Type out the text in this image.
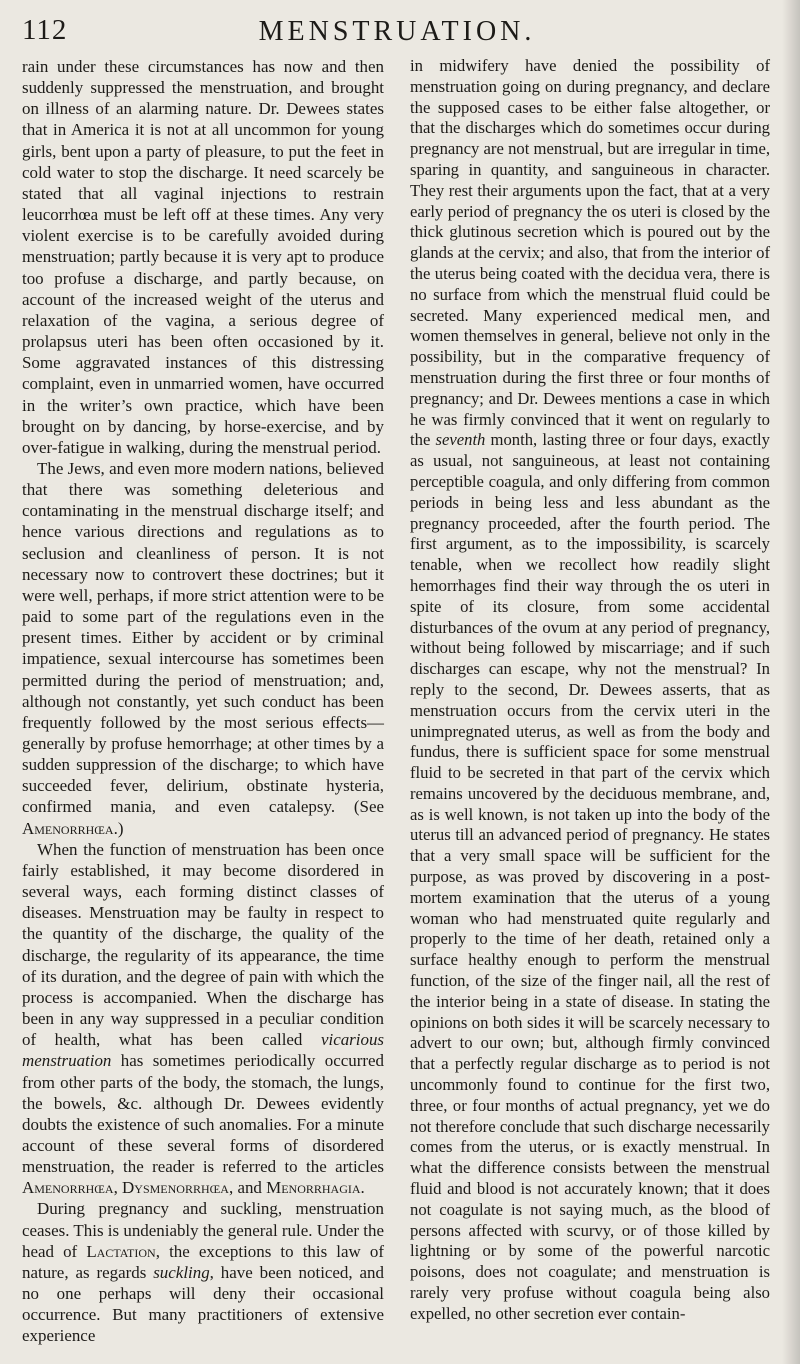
112	MENSTRUATION.

rain under these circumstances has now and then suddenly suppressed the menstruation, and brought on illness of an alarming nature. Dr. Dewees states that in America it is not at all uncommon for young girls, bent upon a party of pleasure, to put the feet in cold water to stop the discharge. It need scarcely be stated that all vaginal injections to restrain leucorrhœa must be left off at these times. Any very violent exercise is to be carefully avoided during menstruation; partly because it is very apt to produce too profuse a discharge, and partly because, on account of the increased weight of the uterus and relaxation of the vagina, a serious degree of prolapsus uteri has been often occasioned by it. Some aggravated instances of this distressing complaint, even in unmarried women, have occurred in the writer’s own practice, which have been brought on by dancing, by horse-exercise, and by over-fatigue in walking, during the menstrual period.

The Jews, and even more modern nations, believed that there was something deleterious and contaminating in the menstrual discharge itself; and hence various directions and regulations as to seclusion and cleanliness of person. It is not necessary now to controvert these doctrines; but it were well, perhaps, if more strict attention were to be paid to some part of the regulations even in the present times. Either by accident or by criminal impatience, sexual intercourse has sometimes been permitted during the period of menstruation; and, although not constantly, yet such conduct has been frequently followed by the most serious effects—generally by profuse hemorrhage; at other times by a sudden suppression of the discharge; to which have succeeded fever, delirium, obstinate hysteria, confirmed mania, and even catalepsy. (See Amenorrhœa.)

When the function of menstruation has been once fairly established, it may become disordered in several ways, each forming distinct classes of diseases. Menstruation may be faulty in respect to the quantity of the discharge, the quality of the discharge, the regularity of its appearance, the time of its duration, and the degree of pain with which the process is accompanied. When the discharge has been in any way suppressed in a peculiar condition of health, what has been called vicarious menstruation has sometimes periodically occurred from other parts of the body, the stomach, the lungs, the bowels, &c. although Dr. Dewees evidently doubts the existence of such anomalies. For a minute account of these several forms of disordered menstruation, the reader is referred to the articles Amenorrhœa, Dysmenorrhœa, and Menorrhagia.

During pregnancy and suckling, menstruation ceases. This is undeniably the general rule. Under the head of Lactation, the exceptions to this law of nature, as regards suckling, have been noticed, and no one perhaps will deny their occasional occurrence. But many practitioners of extensive experience

in midwifery have denied the possibility of menstruation going on during pregnancy, and declare the supposed cases to be either false altogether, or that the discharges which do sometimes occur during pregnancy are not menstrual, but are irregular in time, sparing in quantity, and sanguineous in character. They rest their arguments upon the fact, that at a very early period of pregnancy the os uteri is closed by the thick glutinous secretion which is poured out by the glands at the cervix; and also, that from the interior of the uterus being coated with the decidua vera, there is no surface from which the menstrual fluid could be secreted. Many experienced medical men, and women themselves in general, believe not only in the possibility, but in the comparative frequency of menstruation during the first three or four months of pregnancy; and Dr. Dewees mentions a case in which he was firmly convinced that it went on regularly to the seventh month, lasting three or four days, exactly as usual, not sanguineous, at least not containing perceptible coagula, and only differing from common periods in being less and less abundant as the pregnancy proceeded, after the fourth period. The first argument, as to the impossibility, is scarcely tenable, when we recollect how readily slight hemorrhages find their way through the os uteri in spite of its closure, from some accidental disturbances of the ovum at any period of pregnancy, without being followed by miscarriage; and if such discharges can escape, why not the menstrual? In reply to the second, Dr. Dewees asserts, that as menstruation occurs from the cervix uteri in the unimpregnated uterus, as well as from the body and fundus, there is sufficient space for some menstrual fluid to be secreted in that part of the cervix which remains uncovered by the deciduous membrane, and, as is well known, is not taken up into the body of the uterus till an advanced period of pregnancy. He states that a very small space will be sufficient for the purpose, as was proved by discovering in a post-mortem examination that the uterus of a young woman who had menstruated quite regularly and properly to the time of her death, retained only a surface healthy enough to perform the menstrual function, of the size of the finger nail, all the rest of the interior being in a state of disease. In stating the opinions on both sides it will be scarcely necessary to advert to our own; but, although firmly convinced that a perfectly regular discharge as to period is not uncommonly found to continue for the first two, three, or four months of actual pregnancy, yet we do not therefore conclude that such discharge necessarily comes from the uterus, or is exactly menstrual. In what the difference consists between the menstrual fluid and blood is not accurately known; that it does not coagulate is not saying much, as the blood of persons affected with scurvy, or of those killed by lightning or by some of the powerful narcotic poisons, does not coagulate; and menstruation is rarely very profuse without coagula being also expelled, no other secretion ever contain-
